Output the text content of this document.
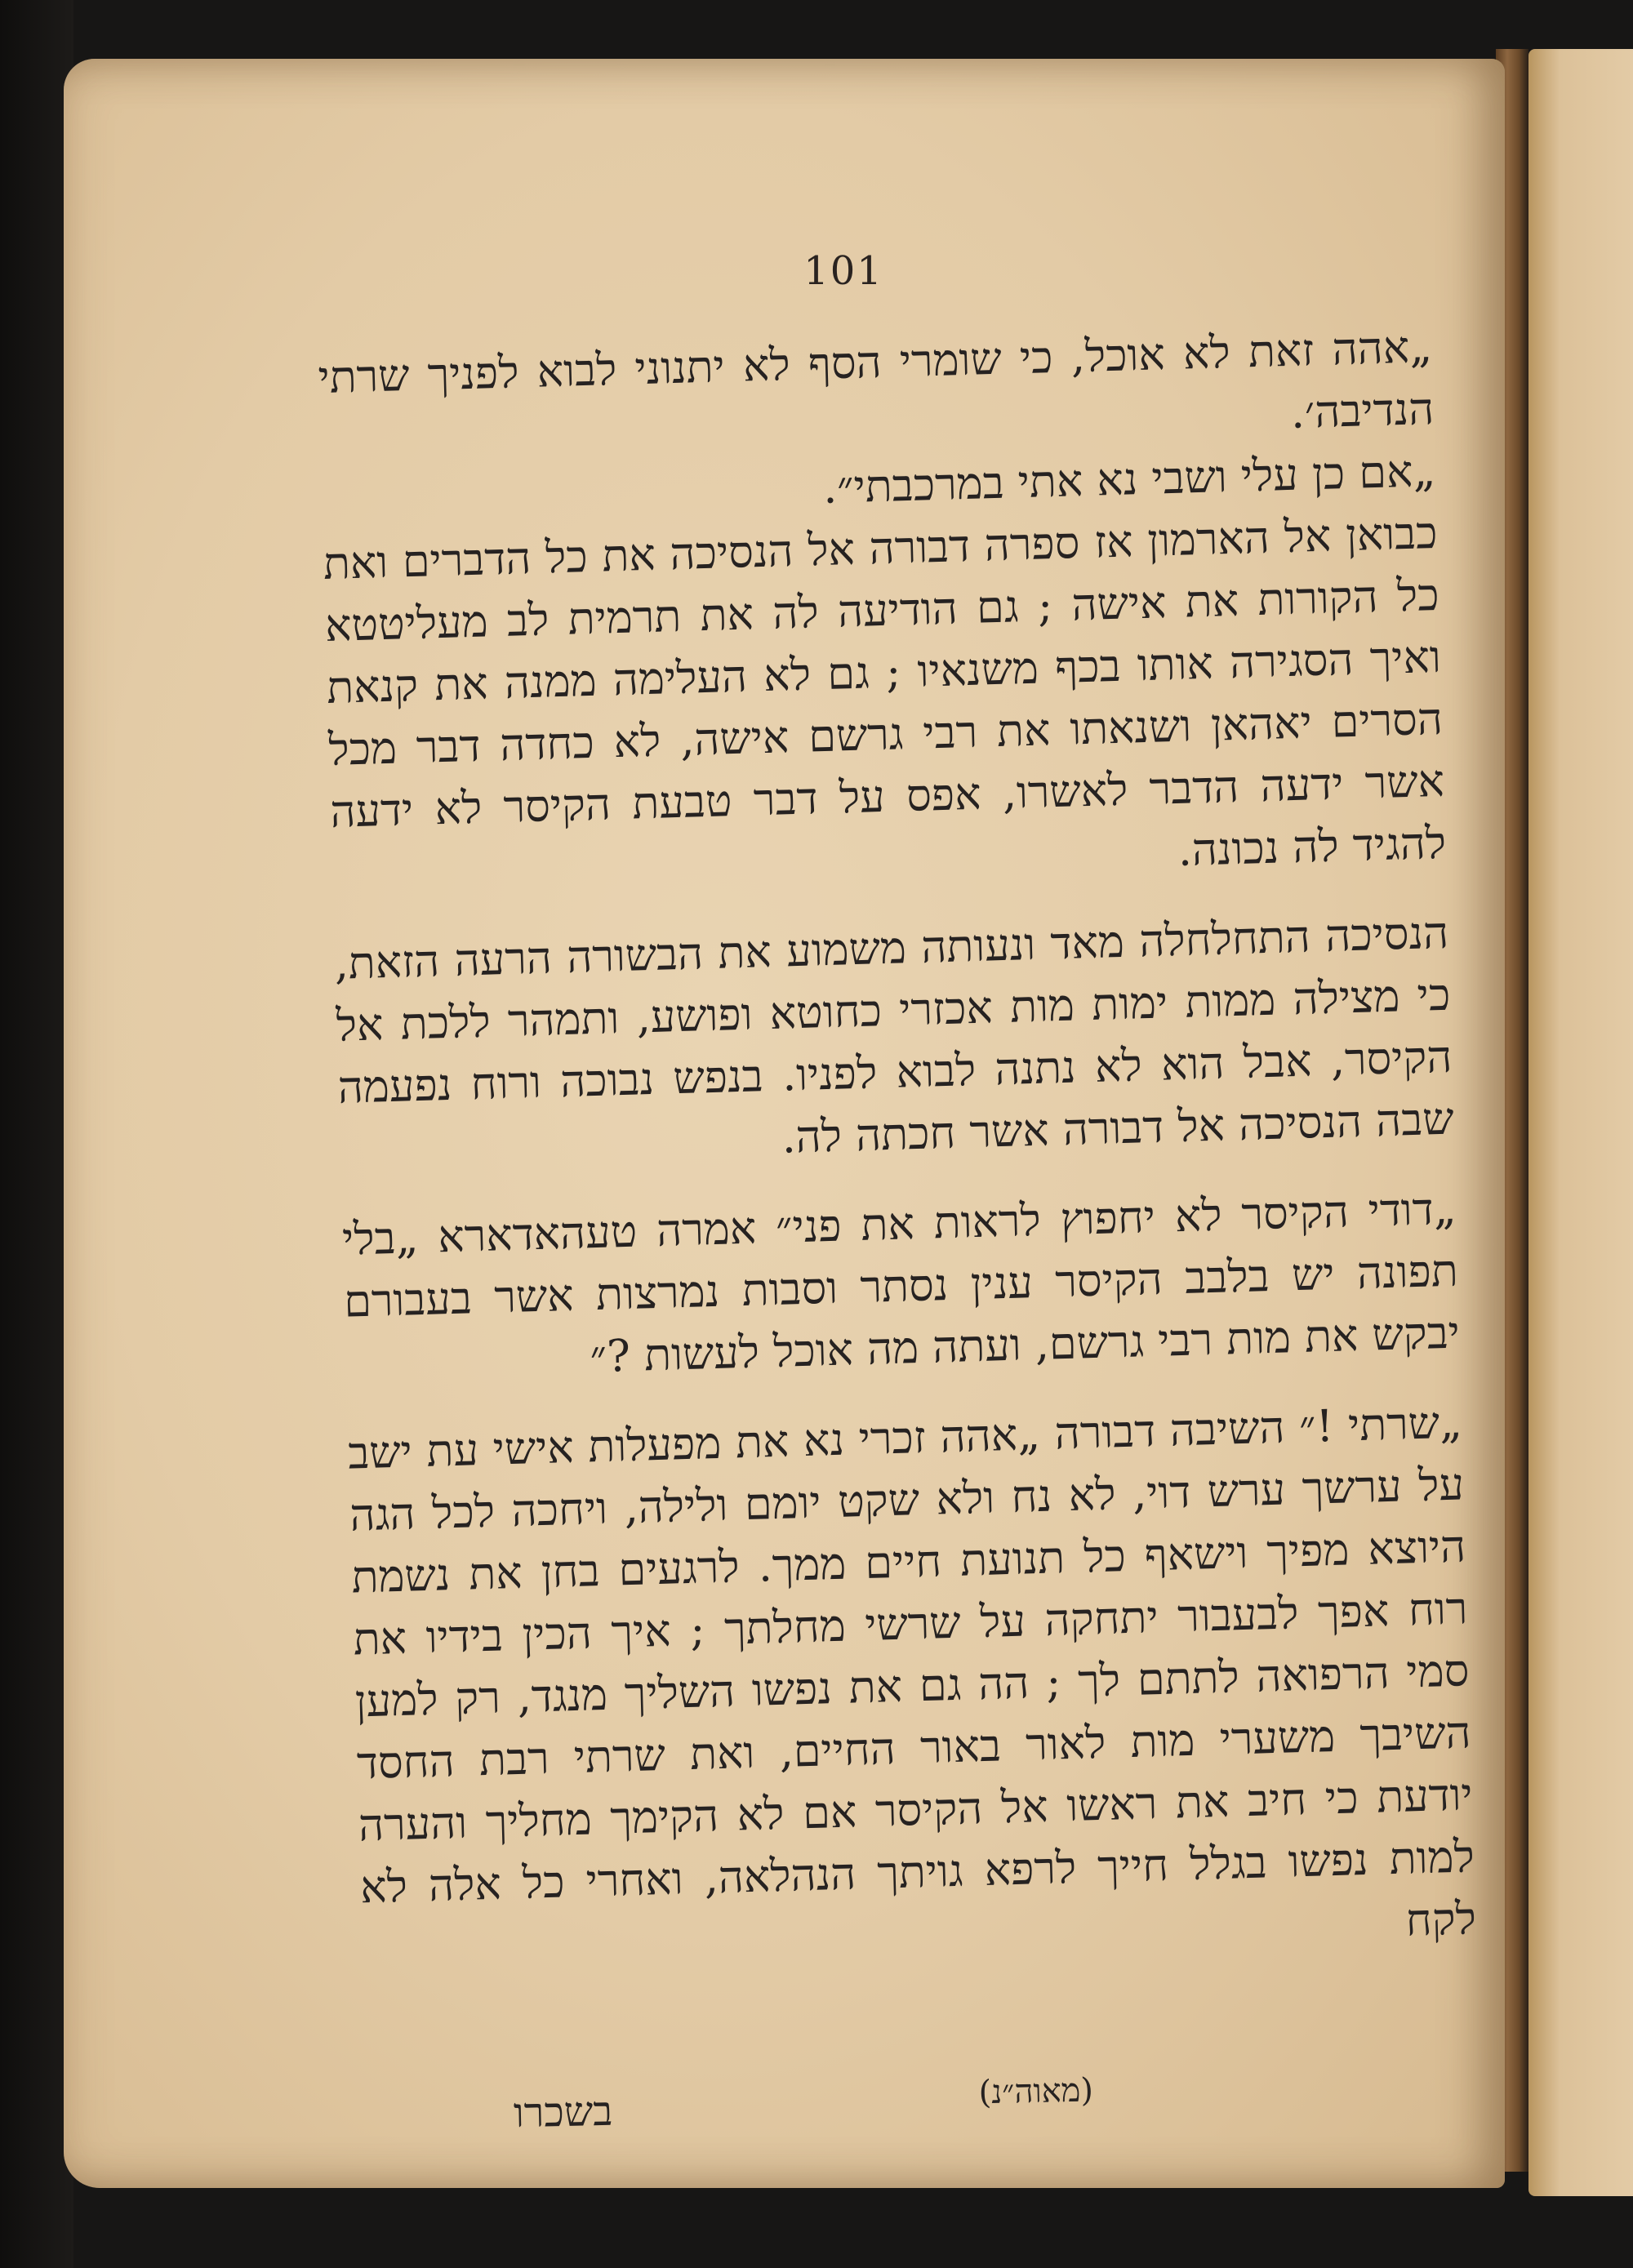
101

„אהה זאת לא אוכל, כי שומרי הסף לא יתנוני לבוא לפניך שרתי הנדיבה׳.

„אם כן עלי ושבי נא אתי במרכבתי״.

כבואן אל הארמון אז ספרה דבורה אל הנסיכה את כל הדברים ואת כל הקורות את אישה ; גם הודיעה לה את תרמית לב מעליטטא ואיך הסגירה אותו בכף משנאיו ; גם לא העלימה ממנה את קנאת הסרים יאהאן ושנאתו את רבי גרשם אישה, לא כחדה דבר מכל אשר ידעה הדבר לאשרו, אפס על דבר טבעת הקיסר לא ידעה להגיד לה נכונה.

הנסיכה התחלחלה מאד ונעותה משמוע את הבשורה הרעה הזאת, כי מצילה ממות ימות מות אכזרי כחוטא ופושע, ותמהר ללכת אל הקיסר, אבל הוא לא נתנה לבוא לפניו. בנפש נבוכה ורוח נפעמה שבה הנסיכה אל דבורה אשר חכתה לה.

„דודי הקיסר לא יחפוץ לראות את פני״ אמרה טעהאדארא „בלי תפונה יש בלבב הקיסר ענין נסתר וסבות נמרצות אשר בעבורם יבקש את מות רבי גרשם, ועתה מה אוכל לעשות ?״

„שרתי !״ השיבה דבורה „אהה זכרי נא את מפעלות אישי עת ישב על ערשך ערש דוי, לא נח ולא שקט יומם ולילה, ויחכה לכל הגה היוצא מפיך וישאף כל תנועת חיים ממך. לרגעים בחן את נשמת רוח אפך לבעבור יתחקה על שרשי מחלתך ; איך הכין בידיו את סמי הרפואה לתתם לך ; הה גם את נפשו השליך מנגד, רק למען השיבך משערי מות לאור באור החיים, ואת שרתי רבת החסד יודעת כי חיב את ראשו אל הקיסר אם לא הקימך מחליך והערה למות נפשו בגלל חייך לרפא גויתך הנהלאה, ואחרי כל אלה לא לקח

(מאוה״נ)
בשכרו
